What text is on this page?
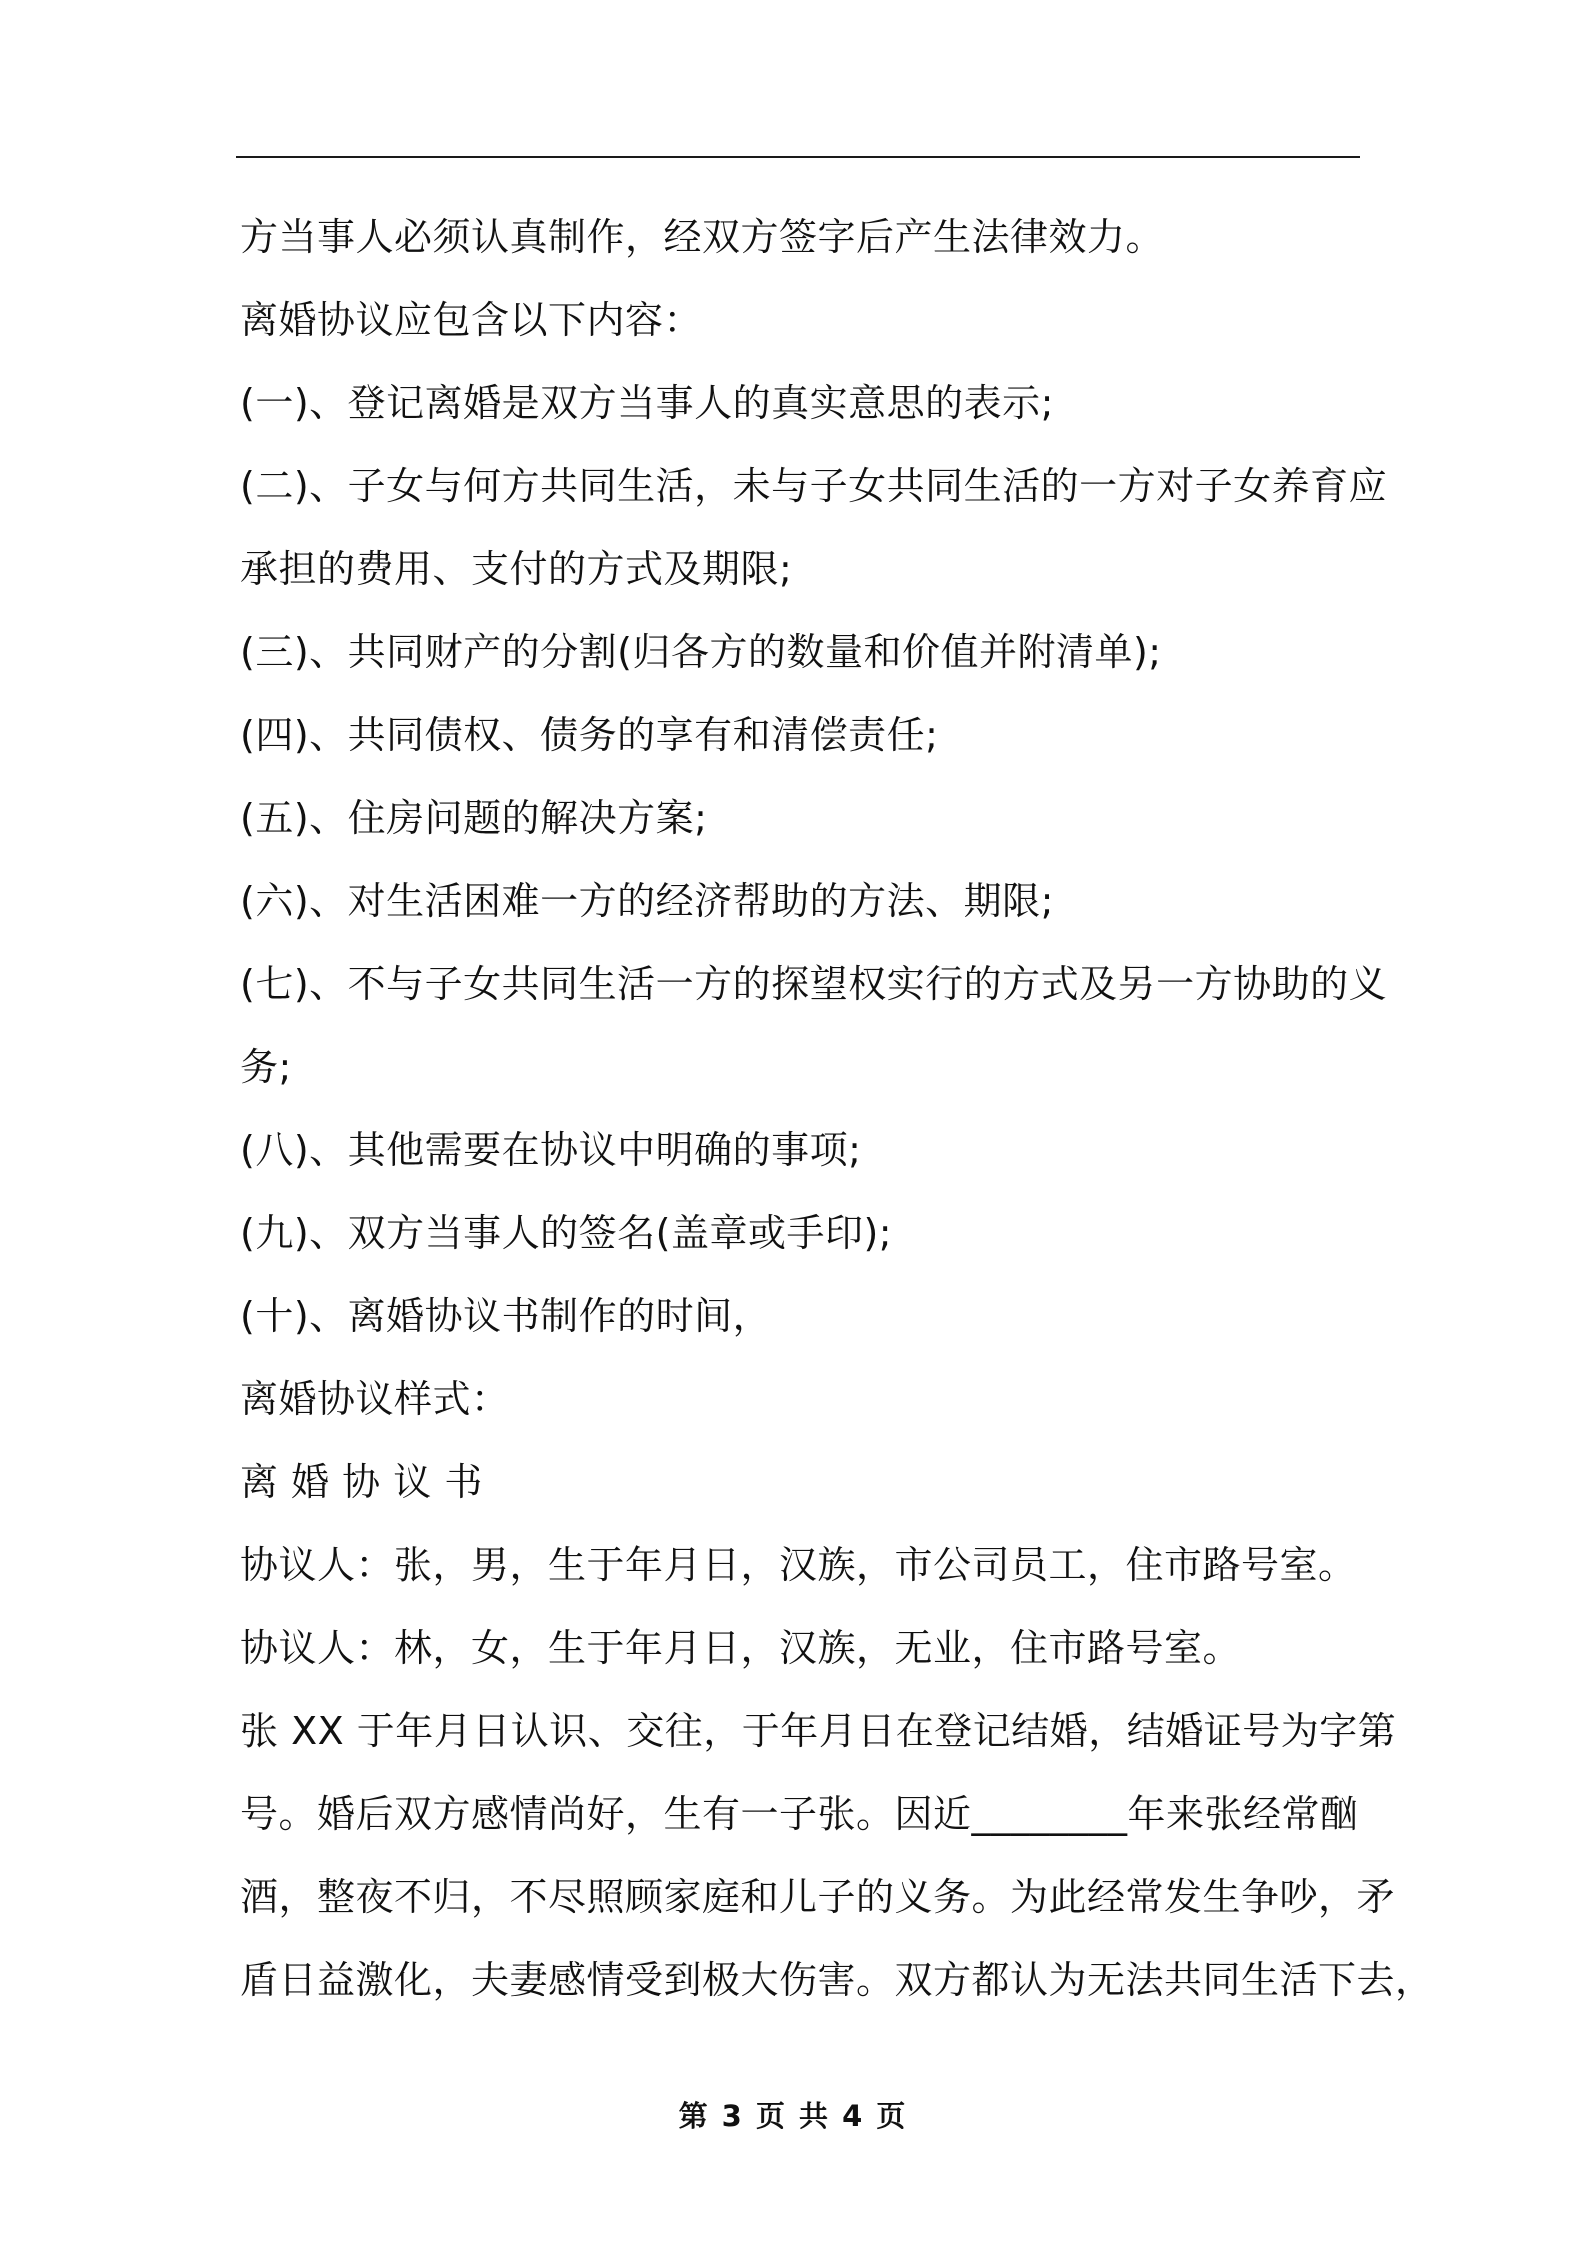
方当事人必须认真制作，经双方签字后产生法律效力。
离婚协议应包含以下内容：
(一)、登记离婚是双方当事人的真实意思的表示;
(二)、子女与何方共同生活，未与子女共同生活的一方对子女养育应
承担的费用、支付的方式及期限;
(三)、共同财产的分割(归各方的数量和价值并附清单);
(四)、共同债权、债务的享有和清偿责任;
(五)、住房问题的解决方案;
(六)、对生活困难一方的经济帮助的方法、期限;
(七)、不与子女共同生活一方的探望权实行的方式及另一方协助的义
务;
(八)、其他需要在协议中明确的事项;
(九)、双方当事人的签名(盖章或手印);
(十)、离婚协议书制作的时间，
离婚协议样式：
离 婚 协 议 书
协议人：张，男，生于年月日，汉族，市公司员工，住市路号室。
协议人：林，女，生于年月日，汉族，无业，住市路号室。
张 XX 于年月日认识、交往，于年月日在登记结婚，结婚证号为字第
号。婚后双方感情尚好，生有一子张。因近________年来张经常酗
酒，整夜不归，不尽照顾家庭和儿子的义务。为此经常发生争吵，矛
盾日益激化，夫妻感情受到极大伤害。双方都认为无法共同生活下去，
第 3 页 共 4 页
